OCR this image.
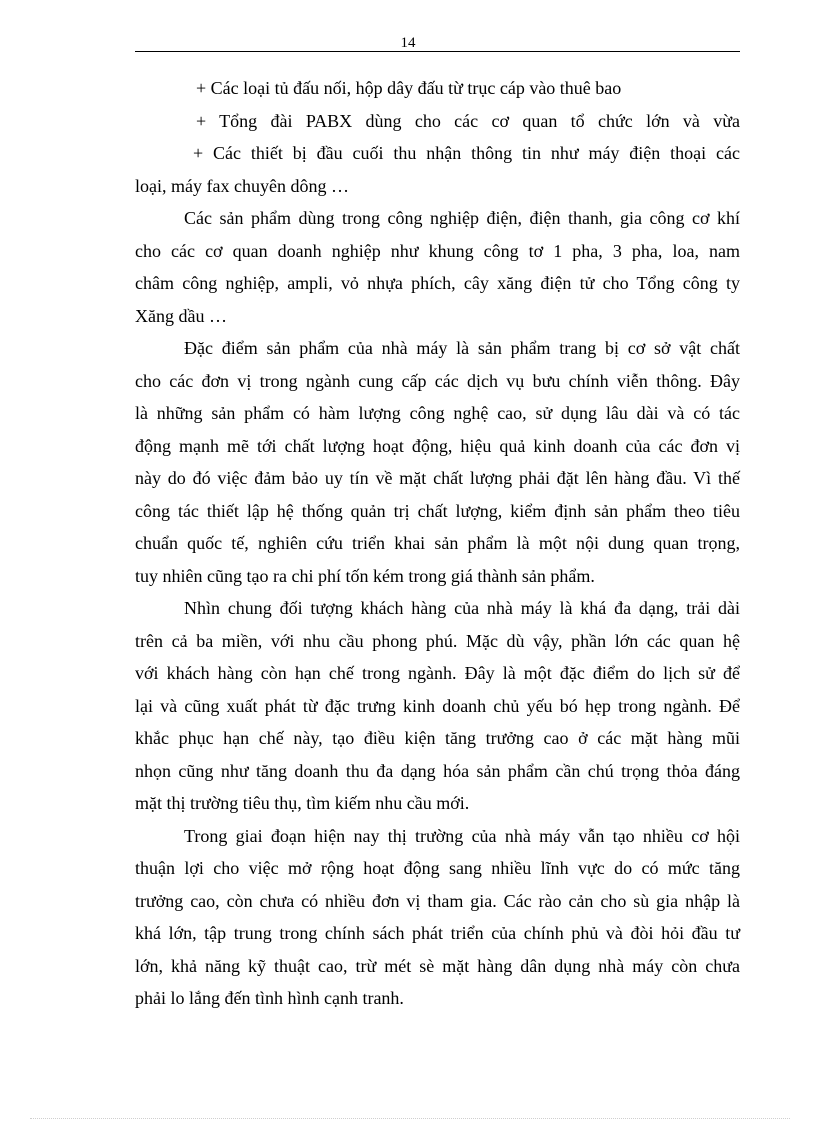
14
+ Các loại tủ đấu nối, hộp dây đấu từ trục cáp vào thuê bao
+ Tổng đài PABX dùng cho các cơ quan tổ chức lớn và vừa
+ Các thiết bị đầu cuối thu nhận thông tin như máy điện thoại các
loại, máy fax chuyên dông …
Các sản phẩm dùng trong công nghiệp điện, điện thanh, gia công cơ khí
cho các cơ quan doanh nghiệp như khung công tơ 1 pha, 3 pha, loa, nam
châm công nghiệp, ampli, vỏ nhựa phích, cây xăng điện tử cho Tổng công ty
Xăng dầu …
Đặc điểm sản phẩm của nhà máy là sản phẩm trang bị cơ sở vật chất
cho các đơn vị trong ngành cung cấp các dịch vụ bưu chính viễn thông. Đây
là những sản phẩm có hàm lượng công nghệ cao, sử dụng lâu dài và có tác
động mạnh mẽ tới chất lượng hoạt động, hiệu quả kinh doanh của các đơn vị
này do đó việc đảm bảo uy tín về mặt chất lượng phải đặt lên hàng đầu. Vì thế
công tác thiết lập hệ thống quản trị chất lượng, kiểm định sản phẩm theo tiêu
chuẩn quốc tế, nghiên cứu triển khai sản phẩm là một nội dung quan trọng,
tuy nhiên cũng tạo ra chi phí tốn kém trong giá thành sản phẩm.
Nhìn chung đối tượng khách hàng của nhà máy là khá đa dạng, trải dài
trên cả ba miền, với nhu cầu phong phú. Mặc dù vậy, phần lớn các quan hệ
với khách hàng còn hạn chế trong ngành. Đây là một đặc điểm do lịch sử để
lại và cũng xuất phát từ đặc trưng kinh doanh chủ yếu bó hẹp trong ngành. Để
khắc phục hạn chế này, tạo điều kiện tăng trưởng cao ở các mặt hàng mũi
nhọn cũng như tăng doanh thu đa dạng hóa sản phẩm cần chú trọng thỏa đáng
mặt thị trường tiêu thụ, tìm kiếm nhu cầu mới.
Trong giai đoạn hiện nay thị trường của nhà máy vẫn tạo nhiều cơ hội
thuận lợi cho việc mở rộng hoạt động sang nhiều lĩnh vực do có mức tăng
trưởng cao, còn chưa có nhiều đơn vị tham gia. Các rào cản cho sù gia nhập là
khá lớn, tập trung trong chính sách phát triển của chính phủ và đòi hỏi đầu tư
lớn, khả năng kỹ thuật cao, trừ mét sè mặt hàng dân dụng nhà máy còn chưa
phải lo lắng đến tình hình cạnh tranh.
